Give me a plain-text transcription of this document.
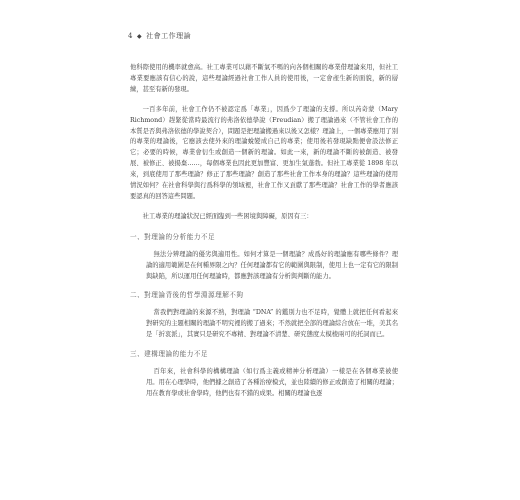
4 ◆ 社會工作理論

他科際使用的機率就愈高。社工專業可以藉不斷氣不嗎的向各個相關的專業借理論來用，但社工專業要應該有信心的說，這些理論經過社會工作人員的使用後，一定會產生新的面貌，新的層練，甚至有新的發現。

一百多年前，社會工作仍不被認定爲「專業」，因爲少了理論的支撐。所以芮奇蒙（Mary Richmond）趕緊從當時最流行的弗洛依德學說（Freudian）搬了理論過來（不管社會工作的本質是否與弗洛依德的學說契合），問題是把理論搬過來以後又怎樣？理論上，一個專業應用了別的專業的理論後，它應該去使外來的理論蛻變成自己的專業；使用後若發現缺點便會設法修正它；必要的時候，專業會衍生或創造一個新的理論。如此一來，新的理論不斷的被創造、被發展、被修正、被揚棄……，每個專業也因此更加豐富、更加生氣蓬勃。但社工專業從 1898 年以來，到底使用了那些理論？修正了那些理論？創造了那些社會工作本身的理論？這些理論的使用情況如何？在社會科學與行爲科學的領域裡，社會工作又貢獻了那些理論？社會工作的學者應該要認真的回答這些問題。

社工專業的理論狀況已經面臨到一些困境與障礙，原因有三：

一、對理論的分析能力不足

無法分辨理論的優劣與適用性。如何才算是一個理論？成爲好的理論應有哪些條件？理論的適用範圍是在何種界限之內？任何理論都有它的範圍與限制，使用上也一定有它的限制與缺陷，所以運用任何理論時，都應對該理論有分析與判斷的能力。

二、對理論背後的哲學淵源理解不夠

當我們對理論的來源不熟，對理論 “DNA” 的鑑別力也不足時，覺體上就把任何看起來對研究的主題相關的理論不明究裡的搬了過來；不然就把全部的理論綜合放在一堆，美其名是「折衷派」，其實只是研究不專精、對理論不清楚、研究態度太模棱兩可的托詞而已。

三、建構理論的能力不足

百年來，社會科學的構構理論（如行爲主義或精神分析理論）一樣是在各個專業被使用。用在心理學時，他們據之創造了各種治療模式，並也陸續的修正或創造了相關的理論；用在教育學或社會學時，他們也有不錯的成果。相關的理論也逐
